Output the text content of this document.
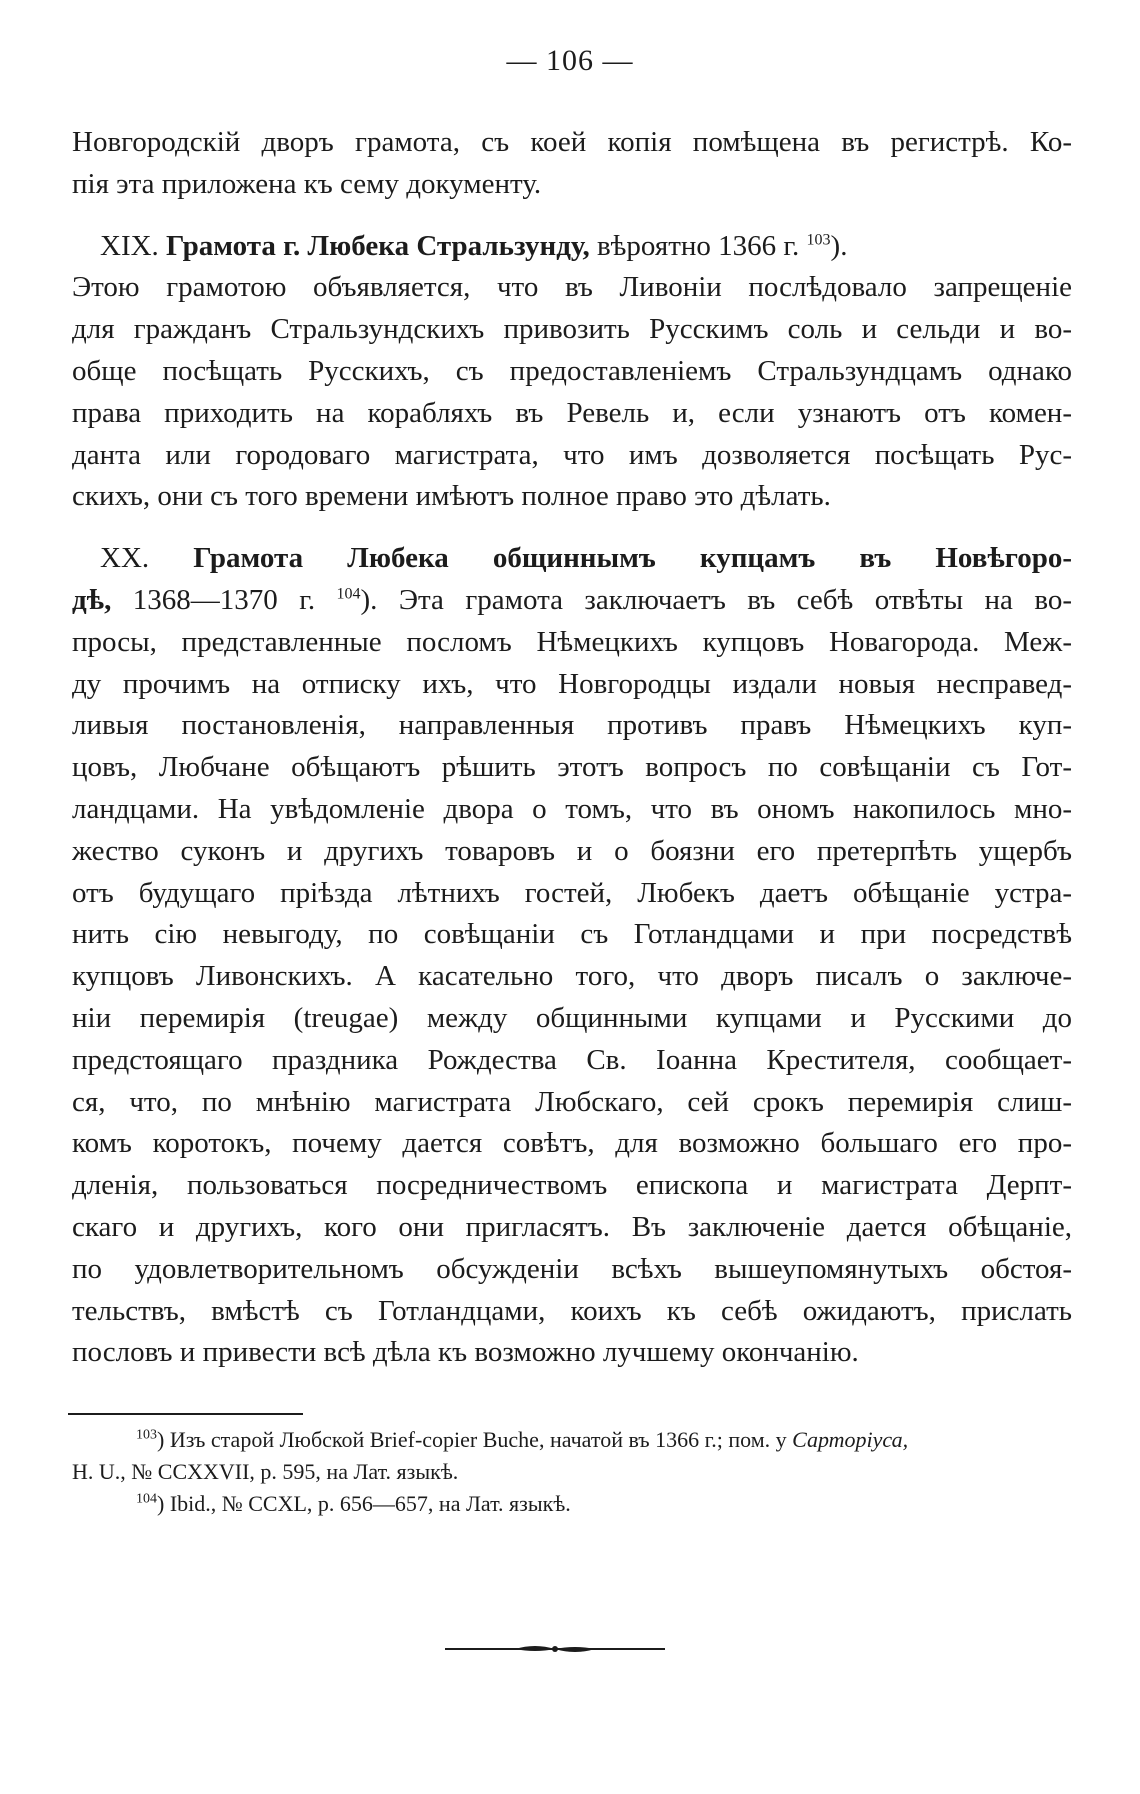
— 106 —
Новгородскій дворъ грамота, съ коей копія помѣщена въ регистрѣ. Ко-
пія эта приложена къ сему документу.
XIX. Грамота г. Любека Стральзунду, вѣроятно 1366 г. $^{103}$).
Этою грамотою объявляется, что въ Ливоніи послѣдовало запрещеніе
для гражданъ Стральзундскихъ привозить Русскимъ соль и сельди и во-
обще посѣщать Русскихъ, съ предоставленіемъ Стральзундцамъ однако
права приходить на корабляхъ въ Ревель и, если узнаютъ отъ комен-
данта или городоваго магистрата, что имъ дозволяется посѣщать Рус-
скихъ, они съ того времени имѣютъ полное право это дѣлать.
XX. Грамота Любека общиннымъ купцамъ въ Новѣгоро-
дѣ, 1368—1370 г. $^{104}$). Эта грамота заключаетъ въ себѣ отвѣты на во-
просы, представленные посломъ Нѣмецкихъ купцовъ Новагорода. Меж-
ду прочимъ на отписку ихъ, что Новгородцы издали новыя несправед-
ливыя постановленія, направленныя противъ правъ Нѣмецкихъ куп-
цовъ, Любчане обѣщаютъ рѣшить этотъ вопросъ по совѣщаніи съ Гот-
ландцами. На увѣдомленіе двора о томъ, что въ ономъ накопилось мно-
жество суконъ и другихъ товаровъ и о боязни его претерпѣть ущербъ
отъ будущаго пріѣзда лѣтнихъ гостей, Любекъ даетъ обѣщаніе устра-
нить сію невыгоду, по совѣщаніи съ Готландцами и при посредствѣ
купцовъ Ливонскихъ. А касательно того, что дворъ писалъ о заключе-
ніи перемирія (treugae) между общинными купцами и Русскими до
предстоящаго праздника Рождества Св. Іоанна Крестителя, сообщает-
ся, что, по мнѣнію магистрата Любскаго, сей срокъ перемирія слиш-
комъ коротокъ, почему дается совѣтъ, для возможно большаго его про-
дленія, пользоваться посредничествомъ епископа и магистрата Дерпт-
скаго и другихъ, кого они пригласятъ. Въ заключеніе дается обѣщаніе,
по удовлетворительномъ обсужденіи всѣхъ вышеупомянутыхъ обстоя-
тельствъ, вмѣстѣ съ Готландцами, коихъ къ себѣ ожидаютъ, прислать
пословъ и привести всѣ дѣла къ возможно лучшему окончанію.
$^{103}$) Изъ старой Любской Brief-copier Buche, начатой въ 1366 г.; пом. у Сарторіуса,
H. U., № CCXXVII, p. 595, на Лат. языкѣ.
$^{104}$) Ibid., № CCXL, p. 656—657, на Лат. языкѣ.
